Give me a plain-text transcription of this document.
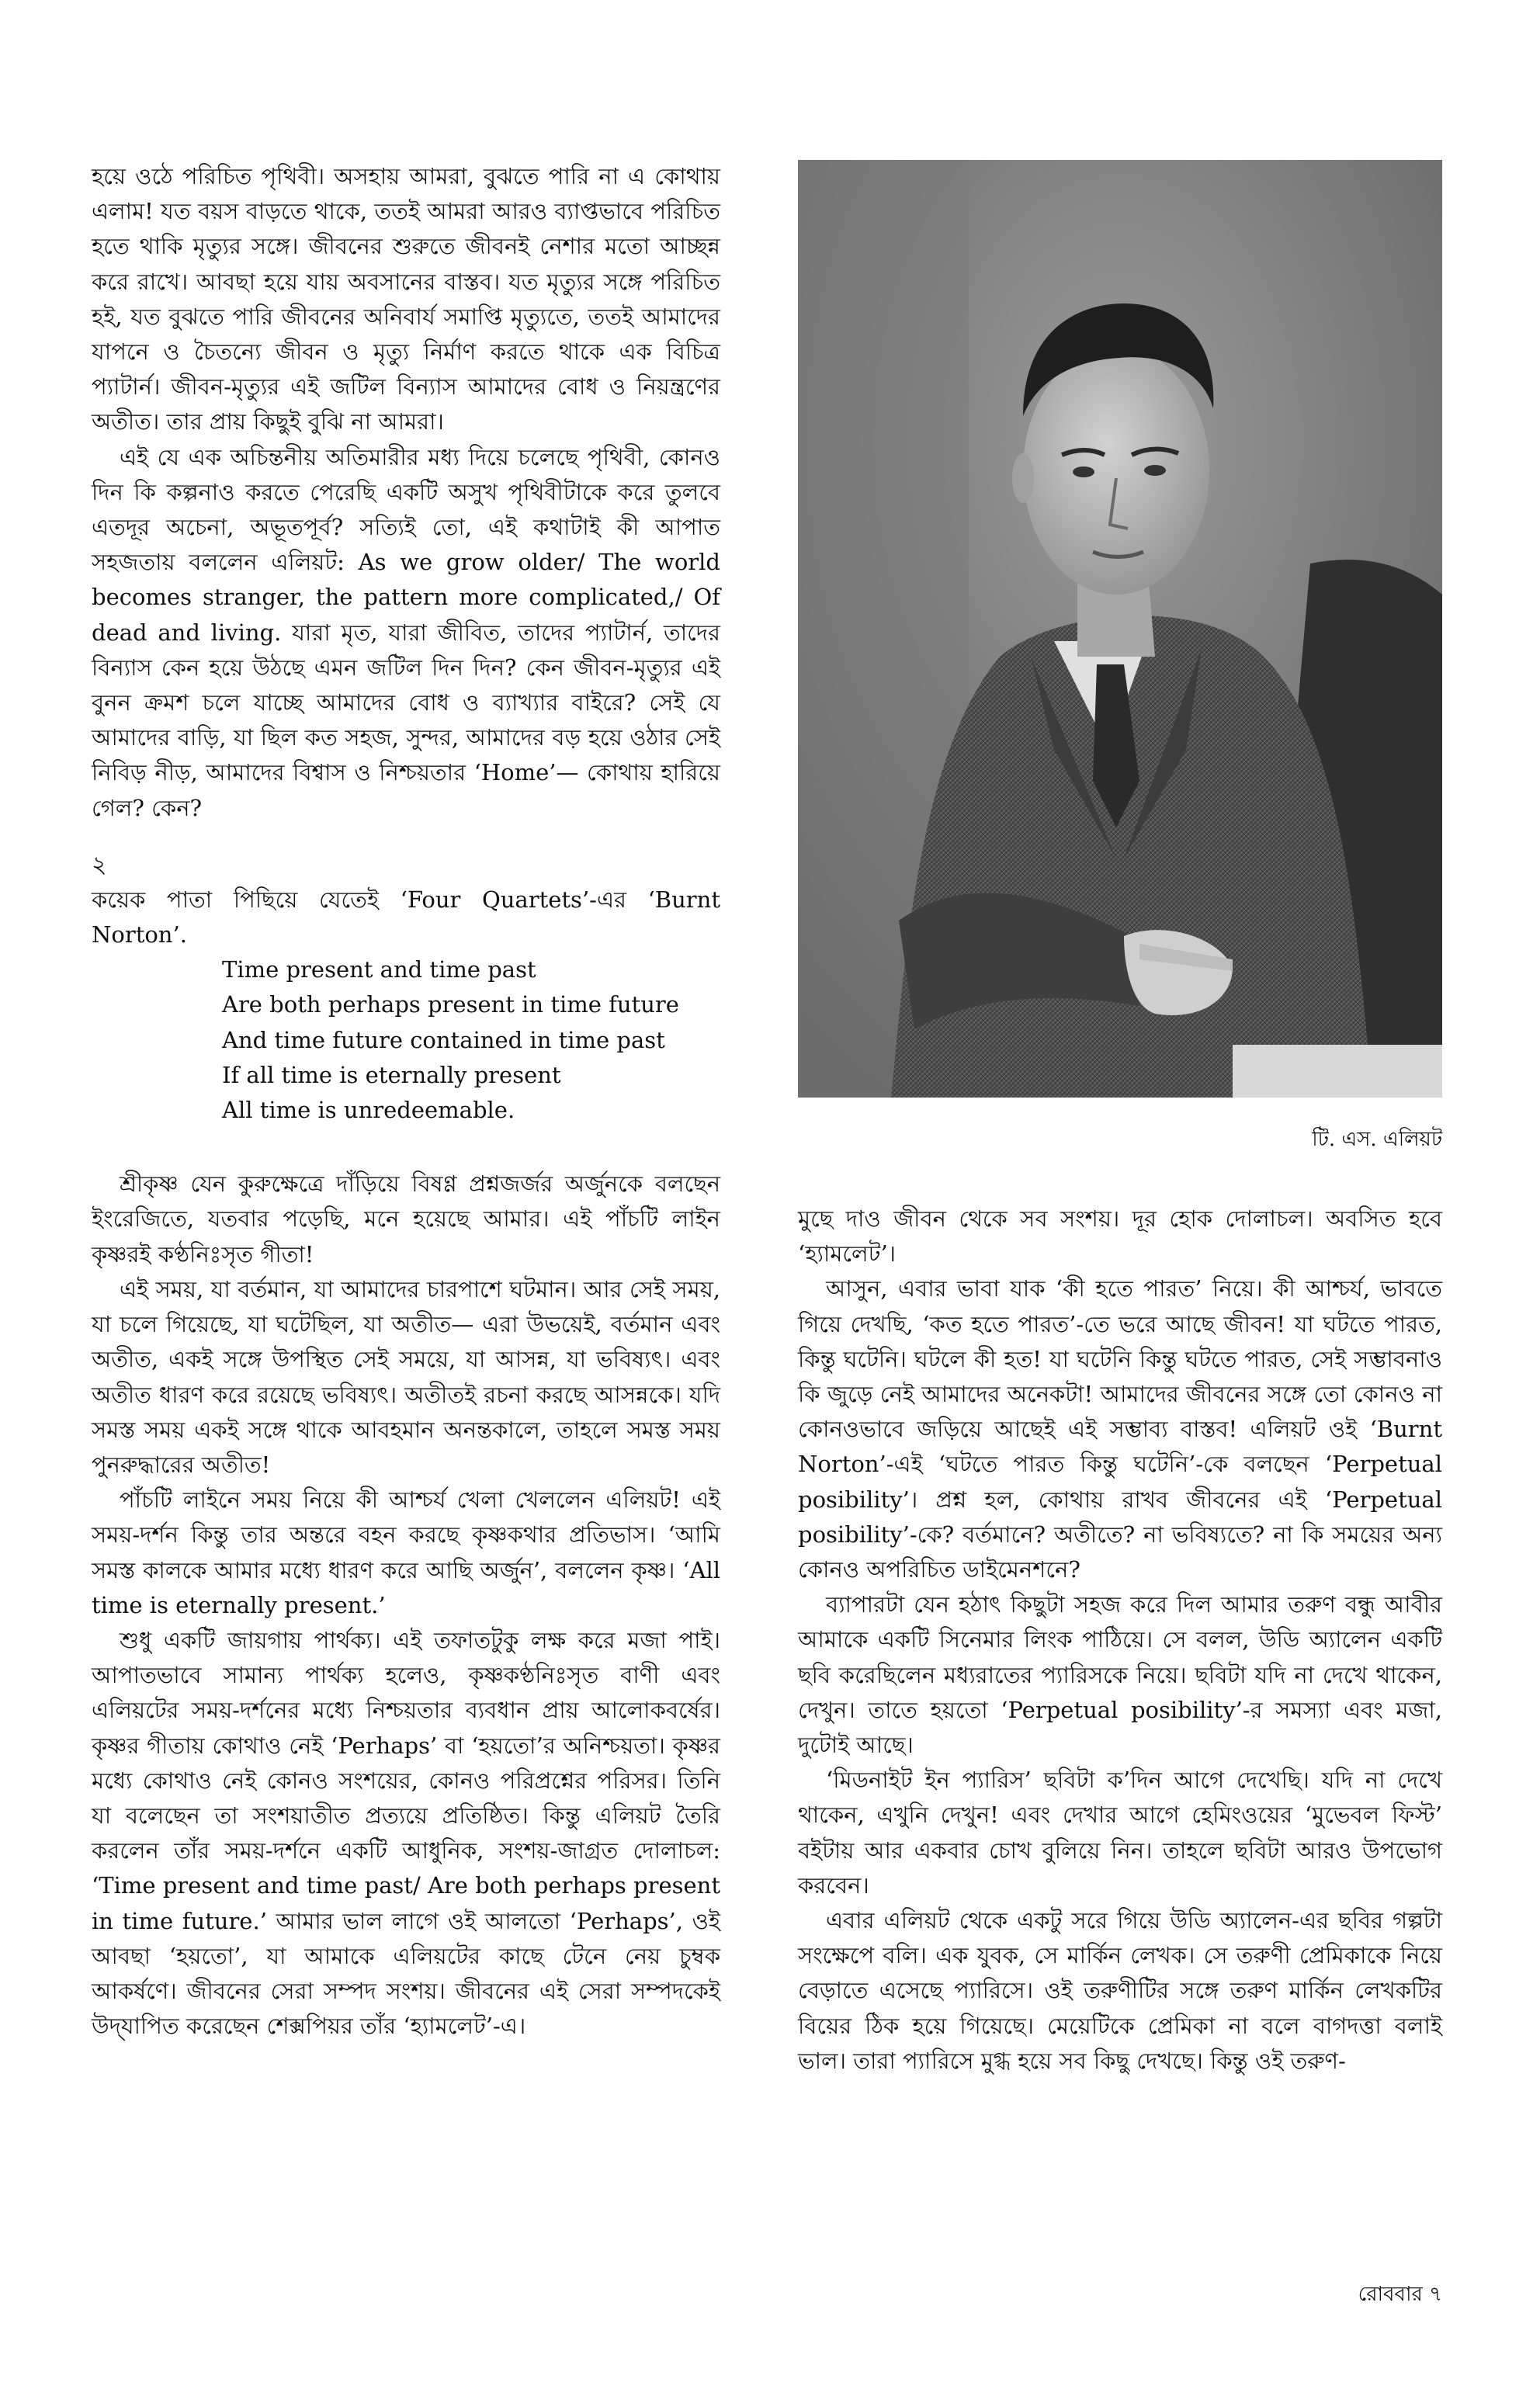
হয়ে ওঠে পরিচিত পৃথিবী। অসহায় আমরা, বুঝতে পারি না এ কোথায় এলাম! যত বয়স বাড়তে থাকে, ততই আমরা আরও ব্যাপ্তভাবে পরিচিত হতে থাকি মৃত্যুর সঙ্গে। জীবনের শুরুতে জীবনই নেশার মতো আচ্ছন্ন করে রাখে। আবছা হয়ে যায় অবসানের বাস্তব। যত মৃত্যুর সঙ্গে পরিচিত হই, যত বুঝতে পারি জীবনের অনিবার্য সমাপ্তি মৃত্যুতে, ততই আমাদের যাপনে ও চৈতন্যে জীবন ও মৃত্যু নির্মাণ করতে থাকে এক বিচিত্র প্যাটার্ন। জীবন-মৃত্যুর এই জটিল বিন্যাস আমাদের বোধ ও নিয়ন্ত্রণের অতীত। তার প্রায় কিছুই বুঝি না আমরা।

এই যে এক অচিন্তনীয় অতিমারীর মধ্য দিয়ে চলেছে পৃথিবী, কোনও দিন কি কল্পনাও করতে পেরেছি একটি অসুখ পৃথিবীটাকে করে তুলবে এতদূর অচেনা, অভূতপূর্ব? সত্যিই তো, এই কথাটাই কী আপাত সহজতায় বললেন এলিয়ট: As we grow older/ The world becomes stranger, the pattern more complicated,/ Of dead and living. যারা মৃত, যারা জীবিত, তাদের প্যাটার্ন, তাদের বিন্যাস কেন হয়ে উঠছে এমন জটিল দিন দিন? কেন জীবন-মৃত্যুর এই বুনন ক্রমশ চলে যাচ্ছে আমাদের বোধ ও ব্যাখ্যার বাইরে? সেই যে আমাদের বাড়ি, যা ছিল কত সহজ, সুন্দর, আমাদের বড় হয়ে ওঠার সেই নিবিড় নীড়, আমাদের বিশ্বাস ও নিশ্চয়তার ‘Home’— কোথায় হারিয়ে গেল? কেন?

২

কয়েক পাতা পিছিয়ে যেতেই ‘Four Quartets’-এর ‘Burnt Norton’.

Time present and time past
Are both perhaps present in time future
And time future contained in time past
If all time is eternally present
All time is unredeemable.

শ্রীকৃষ্ণ যেন কুরুক্ষেত্রে দাঁড়িয়ে বিষণ্ণ প্রশ্নজর্জর অর্জুনকে বলছেন ইংরেজিতে, যতবার পড়েছি, মনে হয়েছে আমার। এই পাঁচটি লাইন কৃষ্ণরই কণ্ঠনিঃসৃত গীতা!

এই সময়, যা বর্তমান, যা আমাদের চারপাশে ঘটমান। আর সেই সময়, যা চলে গিয়েছে, যা ঘটেছিল, যা অতীত— এরা উভয়েই, বর্তমান এবং অতীত, একই সঙ্গে উপস্থিত সেই সময়ে, যা আসন্ন, যা ভবিষ্যৎ। এবং অতীত ধারণ করে রয়েছে ভবিষ্যৎ। অতীতই রচনা করছে আসন্নকে। যদি সমস্ত সময় একই সঙ্গে থাকে আবহমান অনন্তকালে, তাহলে সমস্ত সময় পুনরুদ্ধারের অতীত!

পাঁচটি লাইনে সময় নিয়ে কী আশ্চর্য খেলা খেললেন এলিয়ট! এই সময়-দর্শন কিন্তু তার অন্তরে বহন করছে কৃষ্ণকথার প্রতিভাস। ‘আমি সমস্ত কালকে আমার মধ্যে ধারণ করে আছি অর্জুন’, বললেন কৃষ্ণ। ‘All time is eternally present.’

শুধু একটি জায়গায় পার্থক্য। এই তফাতটুকু লক্ষ করে মজা পাই। আপাতভাবে সামান্য পার্থক্য হলেও, কৃষ্ণকণ্ঠনিঃসৃত বাণী এবং এলিয়টের সময়-দর্শনের মধ্যে নিশ্চয়তার ব্যবধান প্রায় আলোকবর্ষের। কৃষ্ণর গীতায় কোথাও নেই ‘Perhaps’ বা ‘হয়তো’র অনিশ্চয়তা। কৃষ্ণর মধ্যে কোথাও নেই কোনও সংশয়ের, কোনও পরিপ্রশ্নের পরিসর। তিনি যা বলেছেন তা সংশয়াতীত প্রত্যয়ে প্রতিষ্ঠিত। কিন্তু এলিয়ট তৈরি করলেন তাঁর সময়-দর্শনে একটি আধুনিক, সংশয়-জাগ্রত দোলাচল: ‘Time present and time past/ Are both perhaps present in time future.’ আমার ভাল লাগে ওই আলতো ‘Perhaps’, ওই আবছা ‘হয়তো’, যা আমাকে এলিয়টের কাছে টেনে নেয় চুম্বক আকর্ষণে। জীবনের সেরা সম্পদ সংশয়। জীবনের এই সেরা সম্পদকেই উদ্‌যাপিত করেছেন শেক্সপিয়র তাঁর ‘হ্যামলেট’-এ।

টি. এস. এলিয়ট

মুছে দাও জীবন থেকে সব সংশয়। দূর হোক দোলাচল। অবসিত হবে ‘হ্যামলেট’।

আসুন, এবার ভাবা যাক ‘কী হতে পারত’ নিয়ে। কী আশ্চর্য, ভাবতে গিয়ে দেখছি, ‘কত হতে পারত’-তে ভরে আছে জীবন! যা ঘটতে পারত, কিন্তু ঘটেনি। ঘটলে কী হত! যা ঘটেনি কিন্তু ঘটতে পারত, সেই সম্ভাবনাও কি জুড়ে নেই আমাদের অনেকটা! আমাদের জীবনের সঙ্গে তো কোনও না কোনওভাবে জড়িয়ে আছেই এই সম্ভাব্য বাস্তব! এলিয়ট ওই ‘Burnt Norton’-এই ‘ঘটতে পারত কিন্তু ঘটেনি’-কে বলছেন ‘Perpetual posibility’। প্রশ্ন হল, কোথায় রাখব জীবনের এই ‘Perpetual posibility’-কে? বর্তমানে? অতীতে? না ভবিষ্যতে? না কি সময়ের অন্য কোনও অপরিচিত ডাইমেনশনে?

ব্যাপারটা যেন হঠাৎ কিছুটা সহজ করে দিল আমার তরুণ বন্ধু আবীর আমাকে একটি সিনেমার লিংক পাঠিয়ে। সে বলল, উডি অ্যালেন একটি ছবি করেছিলেন মধ্যরাতের প্যারিসকে নিয়ে। ছবিটা যদি না দেখে থাকেন, দেখুন। তাতে হয়তো ‘Perpetual posibility’-র সমস্যা এবং মজা, দুটোই আছে।

‘মিডনাইট ইন প্যারিস’ ছবিটা ক’দিন আগে দেখেছি। যদি না দেখে থাকেন, এখুনি দেখুন! এবং দেখার আগে হেমিংওয়ের ‘মুভেবল ফিস্ট’ বইটায় আর একবার চোখ বুলিয়ে নিন। তাহলে ছবিটা আরও উপভোগ করবেন।

এবার এলিয়ট থেকে একটু সরে গিয়ে উডি অ্যালেন-এর ছবির গল্পটা সংক্ষেপে বলি। এক যুবক, সে মার্কিন লেখক। সে তরুণী প্রেমিকাকে নিয়ে বেড়াতে এসেছে প্যারিসে। ওই তরুণীটির সঙ্গে তরুণ মার্কিন লেখকটির বিয়ের ঠিক হয়ে গিয়েছে। মেয়েটিকে প্রেমিকা না বলে বাগদত্তা বলাই ভাল। তারা প্যারিসে মুগ্ধ হয়ে সব কিছু দেখছে। কিন্তু ওই তরুণ-

রোববার ৭
